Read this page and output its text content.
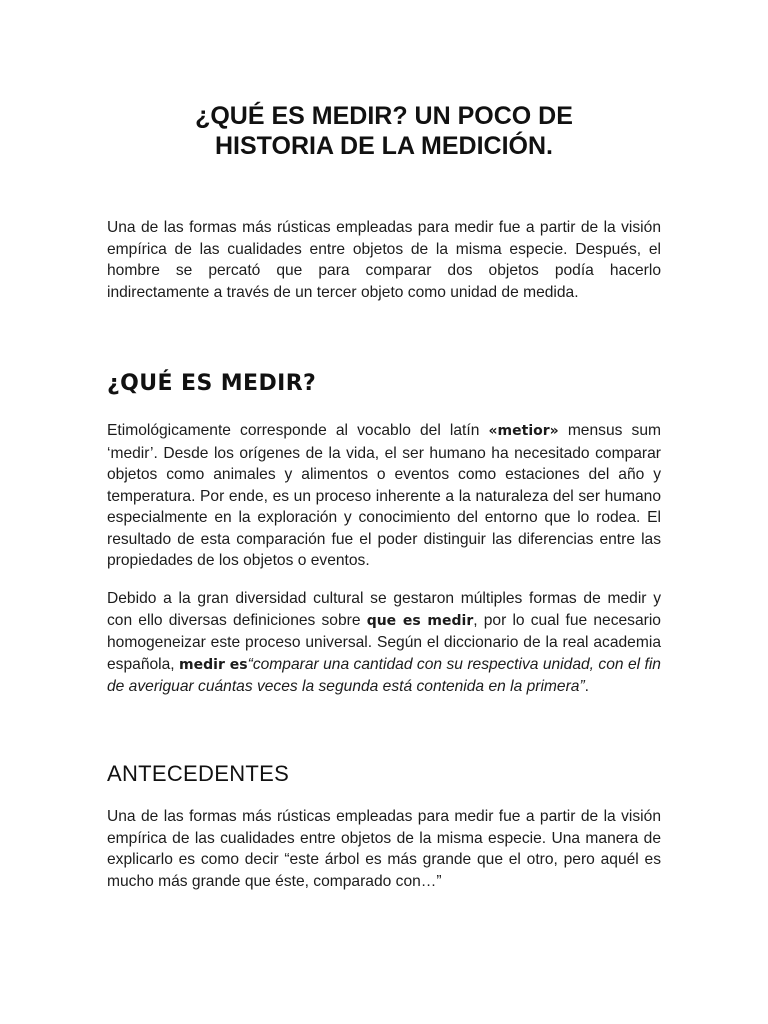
¿QUÉ ES MEDIR? UN POCO DE
HISTORIA DE LA MEDICIÓN.

Una de las formas más rústicas empleadas para medir fue a partir de la visión empírica de las cualidades entre objetos de la misma especie. Después, el hombre se percató que para comparar dos objetos podía hacerlo indirectamente a través de un tercer objeto como unidad de medida.

¿QUÉ ES MEDIR?

Etimológicamente corresponde al vocablo del latín «metior» mensus sum ‘medir’. Desde los orígenes de la vida, el ser humano ha necesitado comparar objetos como animales y alimentos o eventos como estaciones del año y temperatura. Por ende, es un proceso inherente a la naturaleza del ser humano especialmente en la exploración y conocimiento del entorno que lo rodea. El resultado de esta comparación fue el poder distinguir las diferencias entre las propiedades de los objetos o eventos.

Debido a la gran diversidad cultural se gestaron múltiples formas de medir y con ello diversas definiciones sobre que es medir, por lo cual fue necesario homogeneizar este proceso universal. Según el diccionario de la real academia española, medir es“comparar una cantidad con su respectiva unidad, con el fin de averiguar cuántas veces la segunda está contenida en la primera”.

ANTECEDENTES

Una de las formas más rústicas empleadas para medir fue a partir de la visión empírica de las cualidades entre objetos de la misma especie. Una manera de explicarlo es como decir “este árbol es más grande que el otro, pero aquél es mucho más grande que éste, comparado con…”
